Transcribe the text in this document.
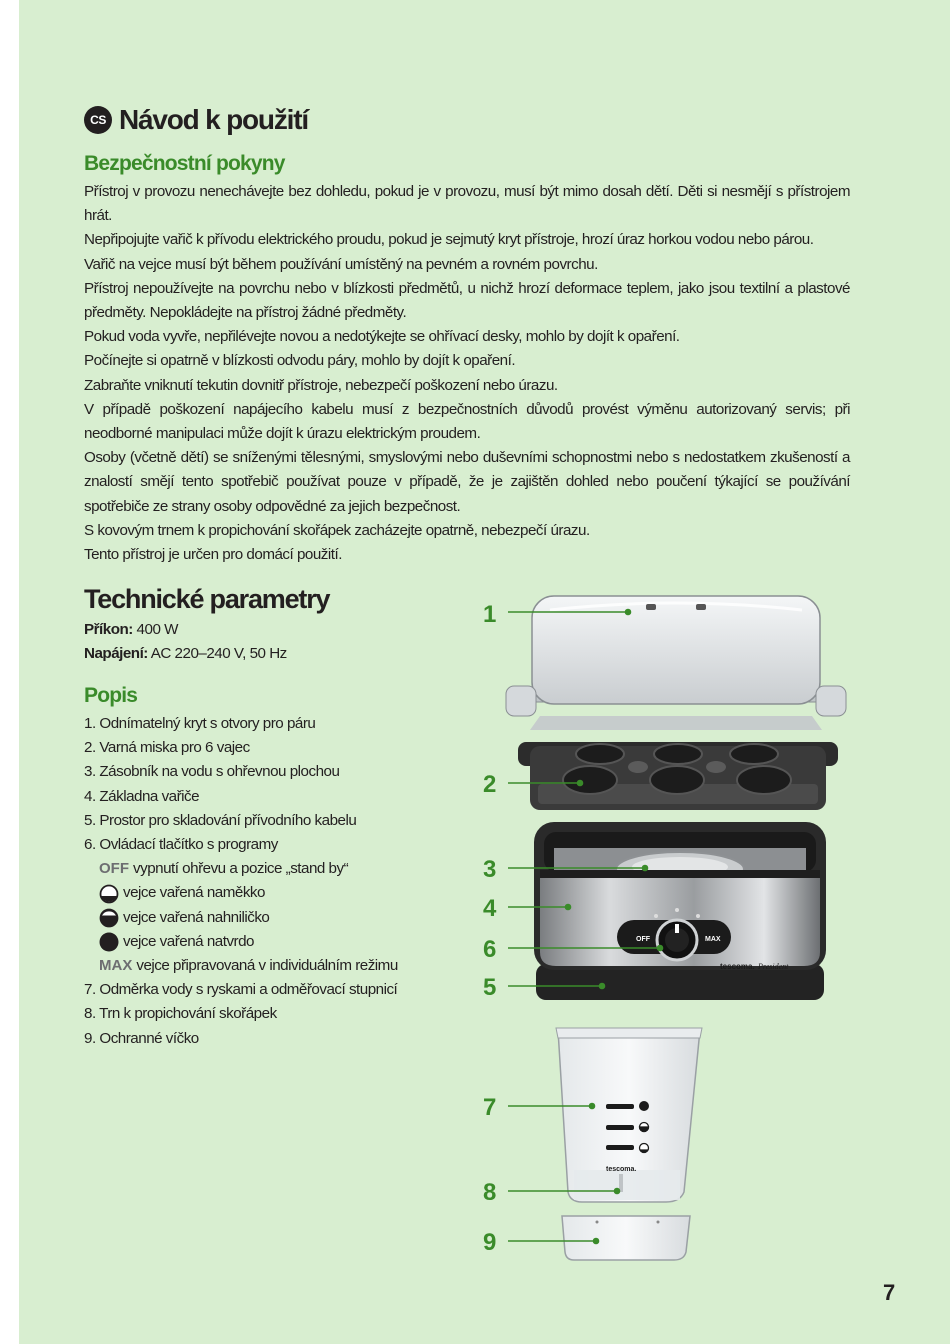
CS Návod k použití
Bezpečnostní pokyny

Přístroj v provozu nenechávejte bez dohledu, pokud je v provozu, musí být mimo dosah dětí. Děti si nesmějí s přístrojem hrát.

Nepřipojujte vařič k přívodu elektrického proudu, pokud je sejmutý kryt přístroje, hrozí úraz horkou vodou nebo párou.

Vařič na vejce musí být během používání umístěný na pevném a rovném povrchu.

Přístroj nepoužívejte na povrchu nebo v blízkosti předmětů, u nichž hrozí deformace teplem, jako jsou textilní a plastové předměty. Nepokládejte na přístroj žádné předměty.

Pokud voda vyvře, nepřilévejte novou a nedotýkejte se ohřívací desky, mohlo by dojít k opaření.

Počínejte si opatrně v blízkosti odvodu páry, mohlo by dojít k opaření.

Zabraňte vniknutí tekutin dovnitř přístroje, nebezpečí poškození nebo úrazu.

V případě poškození napájecího kabelu musí z bezpečnostních důvodů provést výměnu autorizovaný servis; při neodborné manipulaci může dojít k úrazu elektrickým proudem.

Osoby (včetně dětí) se sníženými tělesnými, smyslovými nebo duševními schopnostmi nebo s nedostatkem zkušeností a znalostí smějí tento spotřebič používat pouze v případě, že je zajištěn dohled nebo poučení týkající se používání spotřebiče ze strany osoby odpovědné za jejich bezpečnost.

S kovovým trnem k propichování skořápek zacházejte opatrně, nebezpečí úrazu.

Tento přístroj je určen pro domácí použití.

Technické parametry

Příkon: 400 W

Napájení: AC 220–240 V, 50 Hz

Popis

1. Odnímatelný kryt s otvory pro páru

2. Varná miska pro 6 vajec

3. Zásobník na vodu s ohřevnou plochou

4. Základna vařiče

5. Prostor pro skladování přívodního kabelu

6. Ovládací tlačítko s programy

OFF vypnutí ohřevu a pozice „stand by“
vejce vařená naměkko
vejce vařená nahniličko
vejce vařená natvrdo
MAX vejce připravovaná v individuálním režimu

7. Odměrka vody s ryskami a odměřovací stupnicí

8. Trn k propichování skořápek

9. Ochranné víčko

OFF	MAX
tescoma. President
tescoma.
1
2
3
4
6
5
7
8
9
7
